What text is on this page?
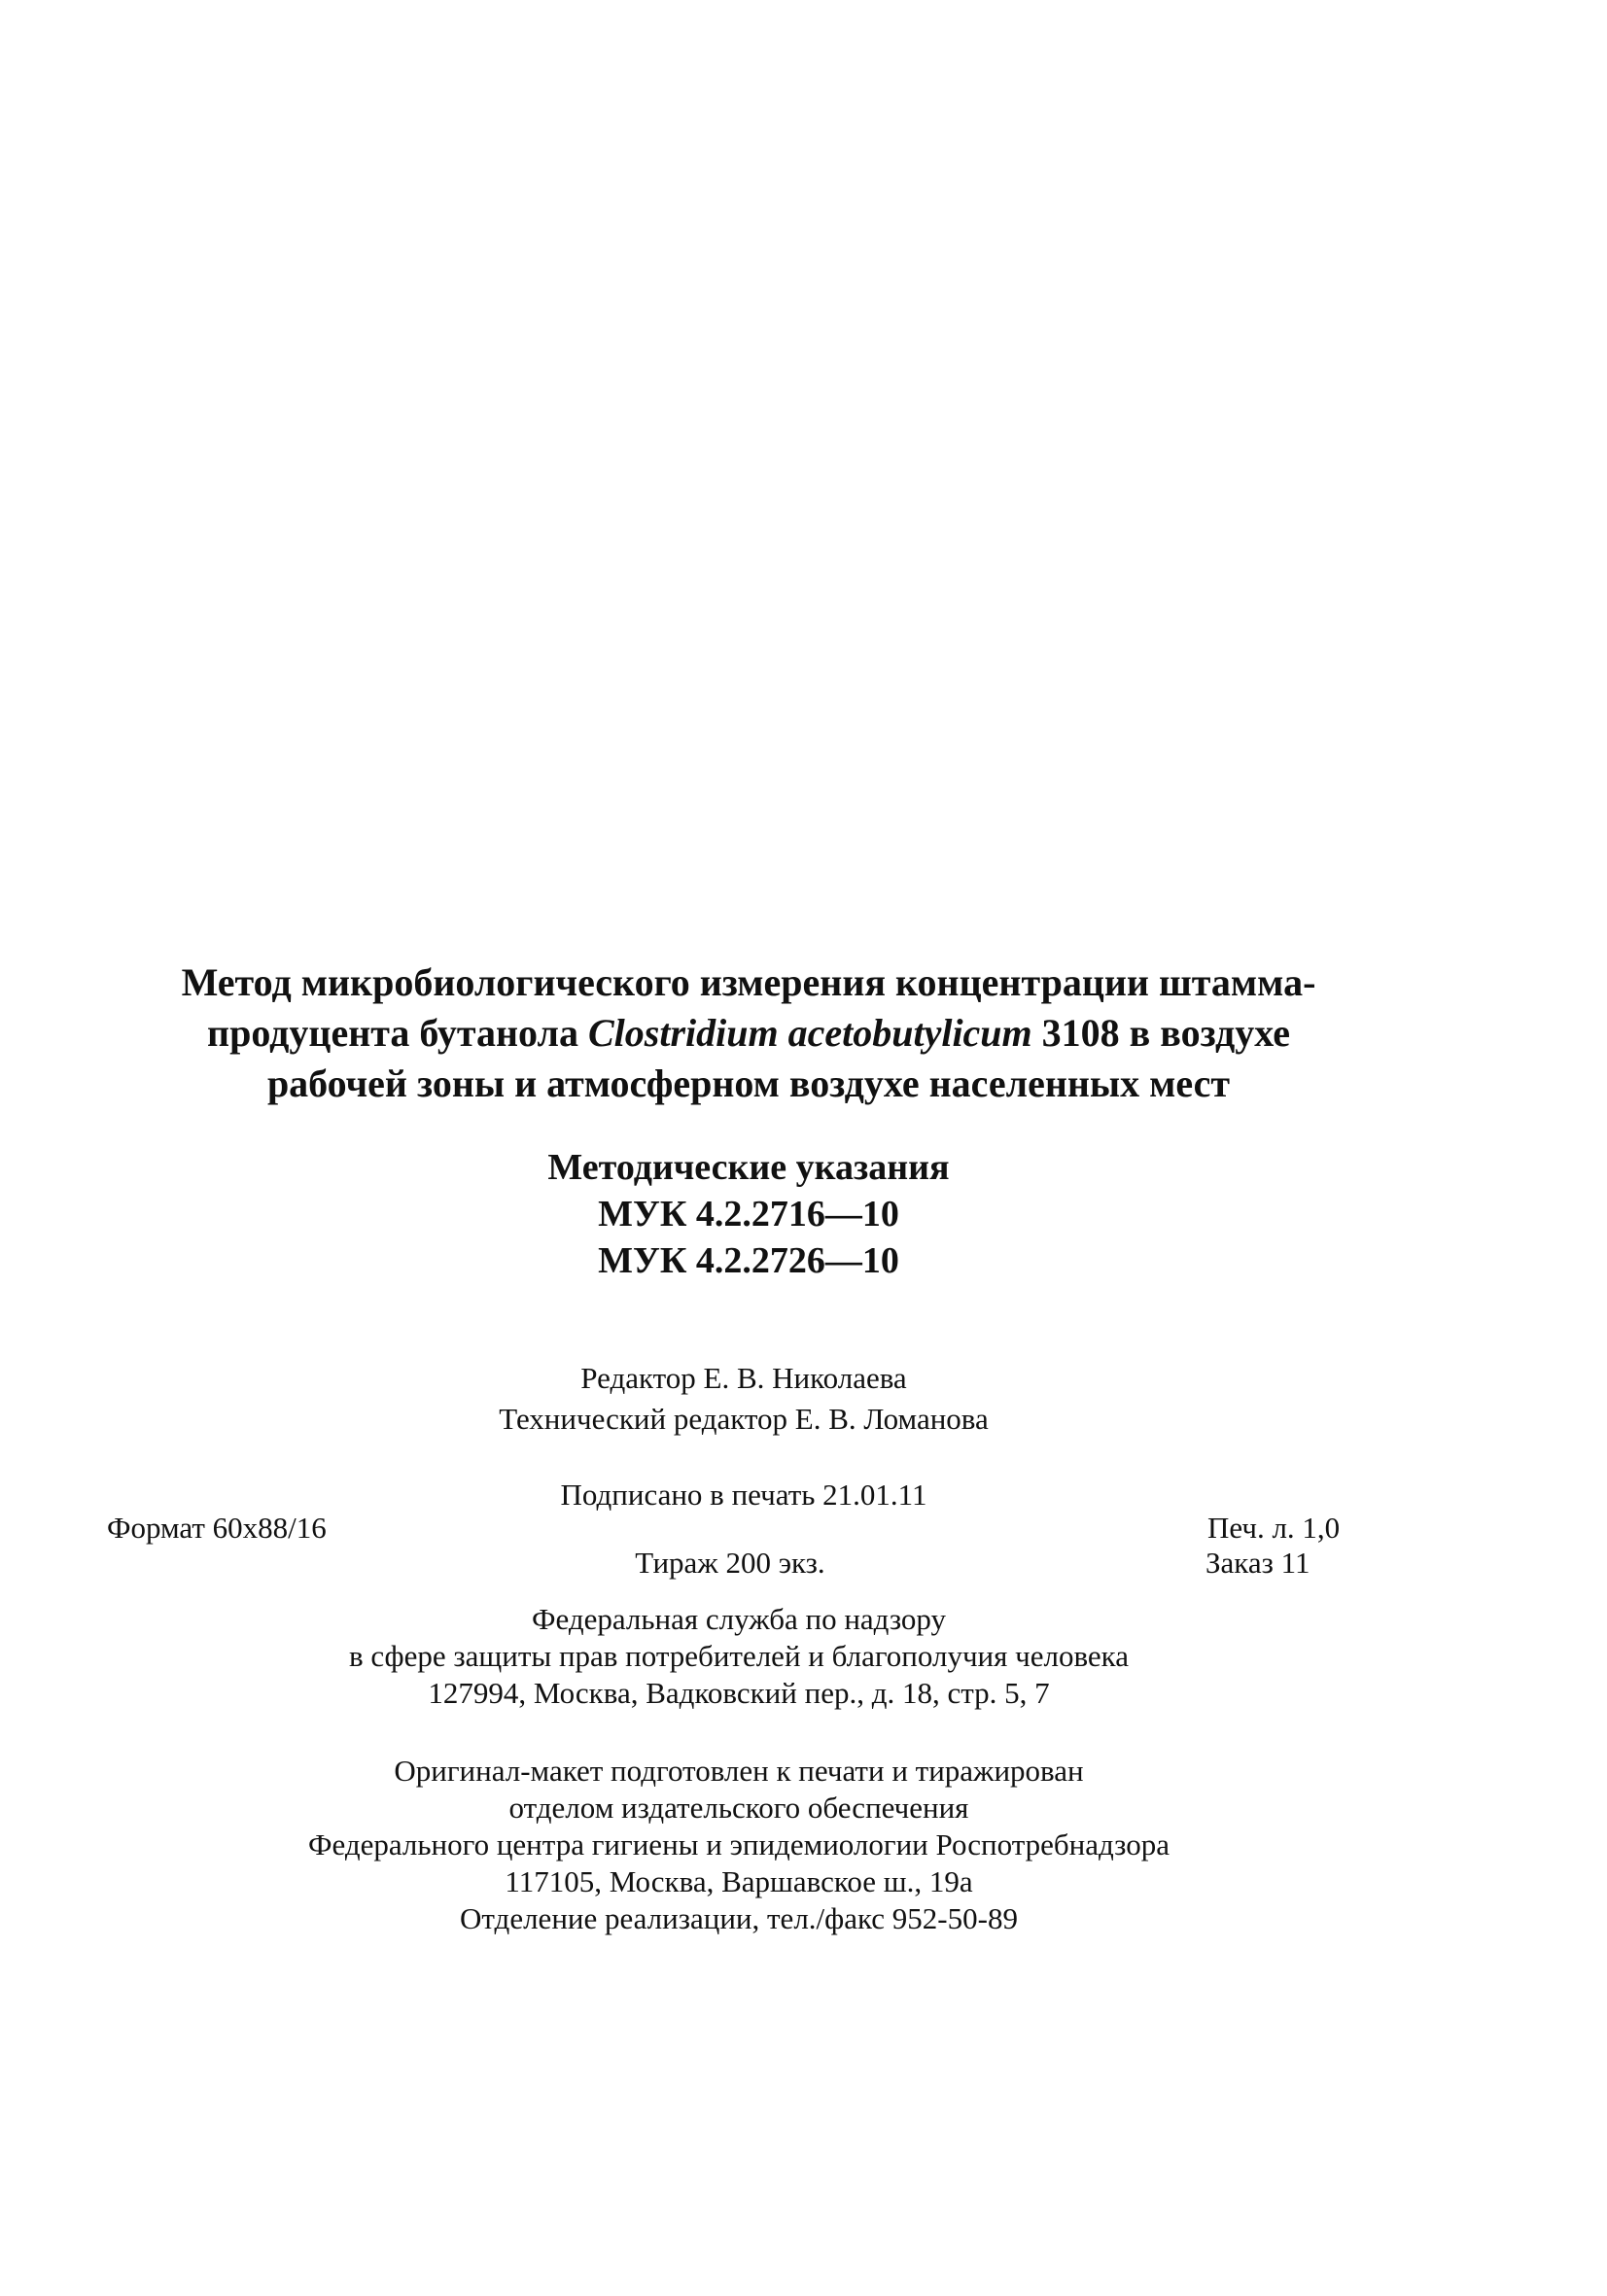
Метод микробиологического измерения концентрации штамма-
продуцента бутанола Clostridium acetobutylicum 3108 в воздухе
рабочей зоны и атмосферном воздухе населенных мест
Методические указания
МУК 4.2.2716—10
МУК 4.2.2726—10
Редактор Е. В. Николаева
Технический редактор Е. В. Ломанова
Подписано в печать 21.01.11
Формат 60x88/16	Печ. л. 1,0
Тираж 200 экз.	Заказ 11
Федеральная служба по надзору
в сфере защиты прав потребителей и благополучия человека
127994, Москва, Вадковский пер., д. 18, стр. 5, 7
Оригинал-макет подготовлен к печати и тиражирован
отделом издательского обеспечения
Федерального центра гигиены и эпидемиологии Роспотребнадзора
117105, Москва, Варшавское ш., 19а
Отделение реализации, тел./факс 952-50-89
